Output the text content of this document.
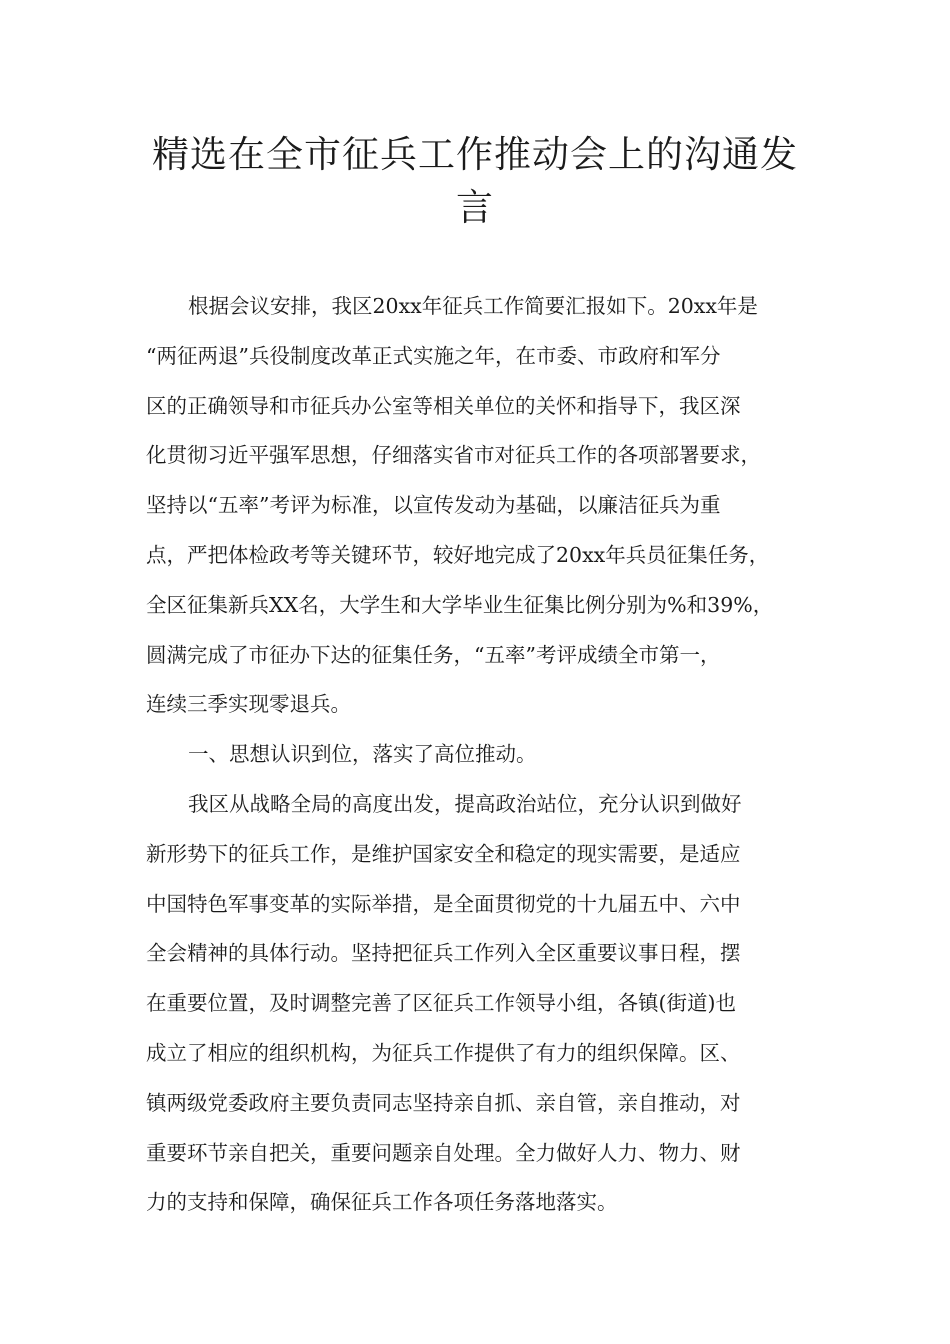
精选在全市征兵工作推动会上的沟通发
言
根据会议安排，我区20xx年征兵工作简要汇报如下。20xx年是
“两征两退”兵役制度改革正式实施之年，在市委、市政府和军分
区的正确领导和市征兵办公室等相关单位的关怀和指导下，我区深
化贯彻习近平强军思想，仔细落实省市对征兵工作的各项部署要求，
坚持以“五率”考评为标准，以宣传发动为基础，以廉洁征兵为重
点，严把体检政考等关键环节，较好地完成了20xx年兵员征集任务，
全区征集新兵XX名，大学生和大学毕业生征集比例分别为%和39%，
圆满完成了市征办下达的征集任务，“五率”考评成绩全市第一，
连续三季实现零退兵。
一、思想认识到位，落实了高位推动。
我区从战略全局的高度出发，提高政治站位，充分认识到做好
新形势下的征兵工作，是维护国家安全和稳定的现实需要，是适应
中国特色军事变革的实际举措，是全面贯彻党的十九届五中、六中
全会精神的具体行动。坚持把征兵工作列入全区重要议事日程，摆
在重要位置，及时调整完善了区征兵工作领导小组，各镇(街道)也
成立了相应的组织机构，为征兵工作提供了有力的组织保障。区、
镇两级党委政府主要负责同志坚持亲自抓、亲自管，亲自推动，对
重要环节亲自把关，重要问题亲自处理。全力做好人力、物力、财
力的支持和保障，确保征兵工作各项任务落地落实。
